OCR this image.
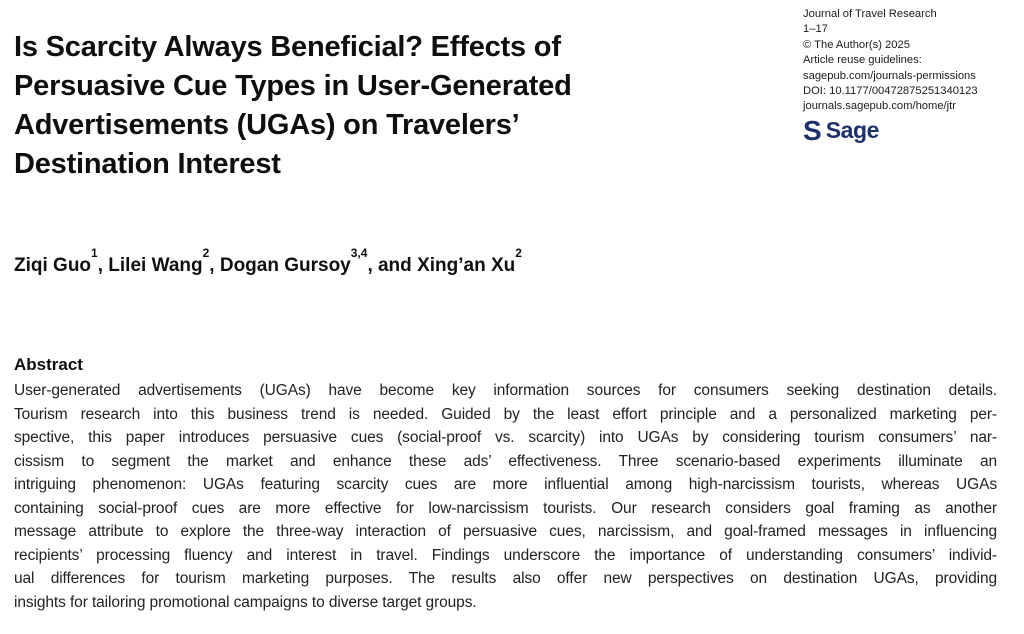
Journal of Travel Research
1–17
© The Author(s) 2025
Article reuse guidelines:
sagepub.com/journals-permissions
DOI: 10.1177/00472875251340123
journals.sagepub.com/home/jtr
S Sage
Is Scarcity Always Beneficial? Effects of
Persuasive Cue Types in User-Generated
Advertisements (UGAs) on Travelers’
Destination Interest
Ziqi Guo$^1$, Lilei Wang$^2$, Dogan Gursoy$^{3,4}$, and Xing’an Xu$^2$
Abstract
User-generated advertisements (UGAs) have become key information sources for consumers seeking destination details.
Tourism research into this business trend is needed. Guided by the least effort principle and a personalized marketing per-
spective, this paper introduces persuasive cues (social-proof vs. scarcity) into UGAs by considering tourism consumers’ nar-
cissism to segment the market and enhance these ads’ effectiveness. Three scenario-based experiments illuminate an
intriguing phenomenon: UGAs featuring scarcity cues are more influential among high-narcissism tourists, whereas UGAs
containing social-proof cues are more effective for low-narcissism tourists. Our research considers goal framing as another
message attribute to explore the three-way interaction of persuasive cues, narcissism, and goal-framed messages in influencing
recipients’ processing fluency and interest in travel. Findings underscore the importance of understanding consumers’ individ-
ual differences for tourism marketing purposes. The results also offer new perspectives on destination UGAs, providing
insights for tailoring promotional campaigns to diverse target groups.
